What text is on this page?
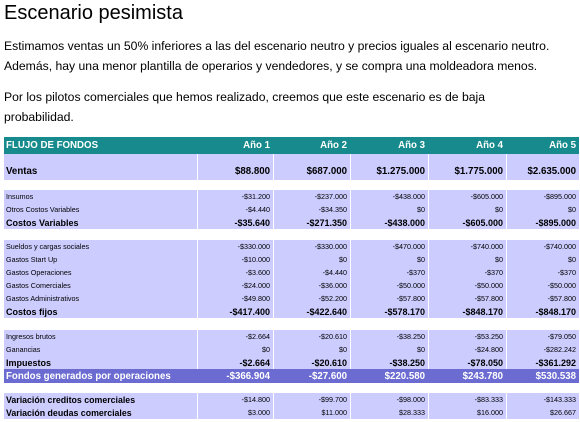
Escenario pesimista
Estimamos ventas un 50% inferiores a las del escenario neutro y precios iguales al escenario neutro.
Además, hay una menor plantilla de operarios y vendedores, y se compra una moldeadora menos.
Por los pilotos comerciales que hemos realizado, creemos que este escenario es de baja
probabilidad.
FLUJO DE FONDOS	Año 1	Año 2	Año 3	Año 4	Año 5
Ventas	$88.800	$687.000	$1.275.000	$1.775.000	$2.635.000
Insumos	-$31.200	-$237.000	-$438.000	-$605.000	-$895.000
Otros Costos Variables	-$4.440	-$34.350	$0	$0	$0
Costos Variables	-$35.640	-$271.350	-$438.000	-$605.000	-$895.000
Sueldos y cargas sociales	-$330.000	-$330.000	-$470.000	-$740.000	-$740.000
Gastos Start Up	-$10.000	$0	$0	$0	$0
Gastos Operaciones	-$3.600	-$4.440	-$370	-$370	-$370
Gastos Comerciales	-$24.000	-$36.000	-$50.000	-$50.000	-$50.000
Gastos Administrativos	-$49.800	-$52.200	-$57.800	-$57.800	-$57.800
Costos fijos	-$417.400	-$422.640	-$578.170	-$848.170	-$848.170
Ingresos brutos	-$2.664	-$20.610	-$38.250	-$53.250	-$79.050
Ganancias	$0	$0	$0	-$24.800	-$282.242
Impuestos	-$2.664	-$20.610	-$38.250	-$78.050	-$361.292
Fondos generados por operaciones	-$366.904	-$27.600	$220.580	$243.780	$530.538
Variación creditos comerciales	-$14.800	-$99.700	-$98.000	-$83.333	-$143.333
Variación deudas comerciales	$3.000	$11.000	$28.333	$16.000	$26.667
